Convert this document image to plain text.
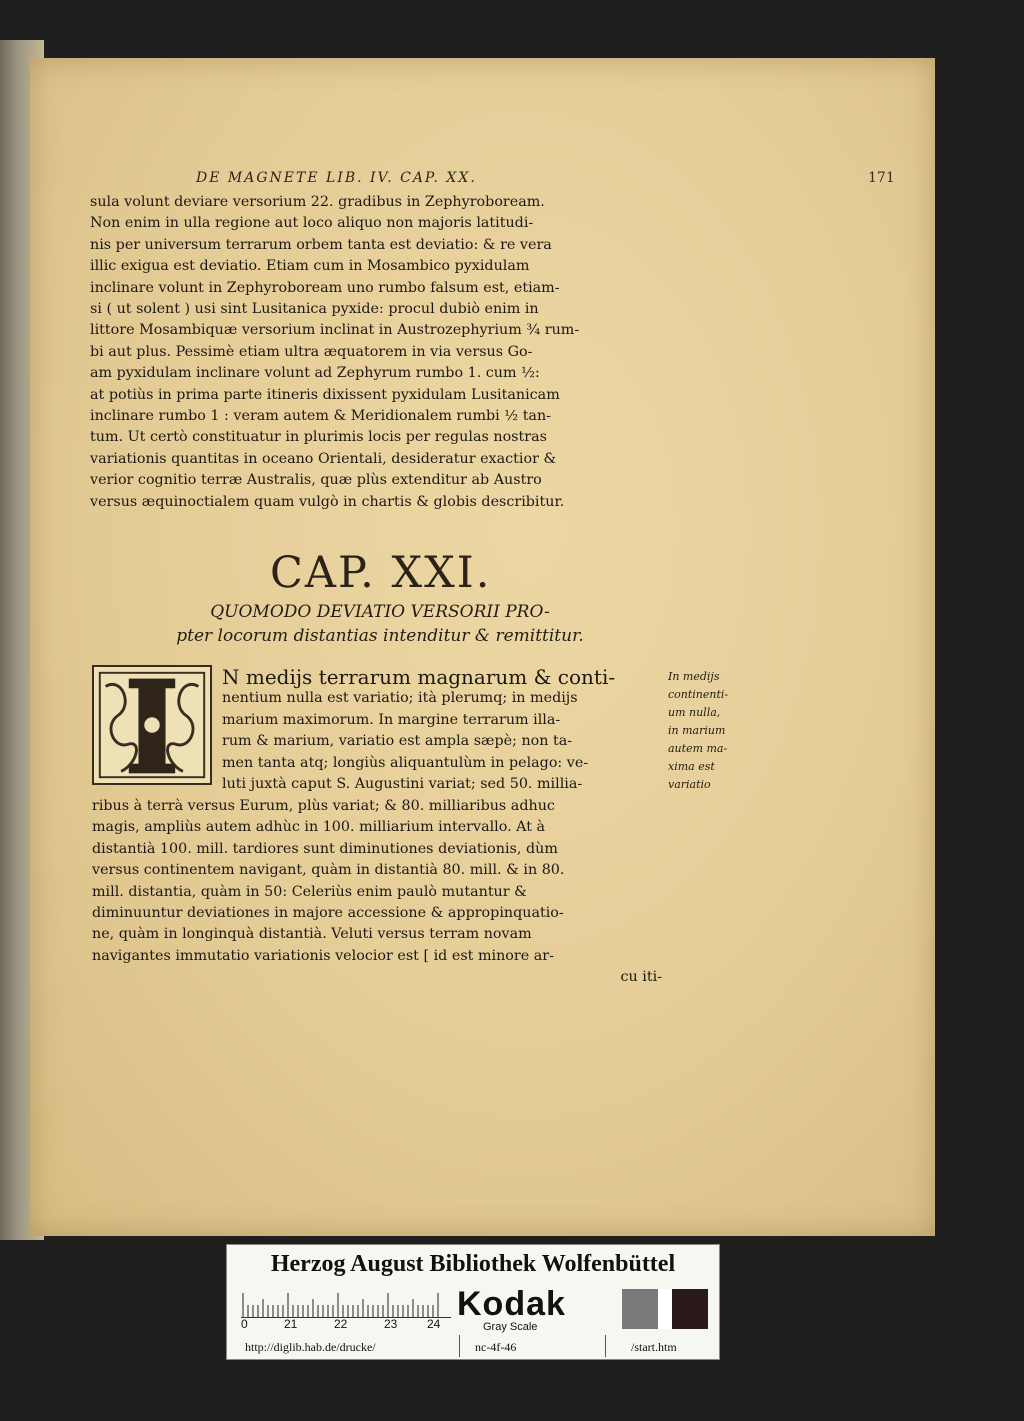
DE MAGNETE LIB. IV. CAP. XX.	171
sula volunt deviare versorium 22. gradibus in Zephyroboream.
Non enim in ulla regione aut loco aliquo non majoris latitudi-
nis per universum terrarum orbem tanta est deviatio: & re vera
illic exigua est deviatio. Etiam cum in Mosambico pyxidulam
inclinare volunt in Zephyroboream uno rumbo falsum est, etiam-
si ( ut solent ) usi sint Lusitanica pyxide: procul dubiò enim in
littore Mosambiquæ versorium inclinat in Austrozephyrium ¾ rum-
bi aut plus. Pessimè etiam ultra æquatorem in via versus Go-
am pyxidulam inclinare volunt ad Zephyrum rumbo 1. cum ½:
at potiùs in prima parte itineris dixissent pyxidulam Lusitanicam
inclinare rumbo 1 : veram autem & Meridionalem rumbi ½ tan-
tum. Ut certò constituatur in plurimis locis per regulas nostras
variationis quantitas in oceano Orientali, desideratur exactior &
verior cognitio terræ Australis, quæ plùs extenditur ab Austro
versus æquinoctialem quam vulgò in chartis & globis describitur.
CAP. XXI.
QUOMODO DEVIATIO VERSORII PRO-
pter locorum distantias intenditur & remittitur.
N medijs terrarum magnarum & conti-
nentium nulla est variatio; ità plerumq; in medijs
marium maximorum. In margine terrarum illa-
rum & marium, variatio est ampla sæpè; non ta-
men tanta atq; longiùs aliquantulùm in pelago: ve-
luti juxtà caput S. Augustini variat; sed 50. millia-
In medijs
continenti-
um nulla,
in marium
autem ma-
xima est
variatio
ribus à terrà versus Eurum, plùs variat; & 80. milliaribus adhuc
magis, ampliùs autem adhùc in 100. milliarium intervallo. At à
distantià 100. mill. tardiores sunt diminutiones deviationis, dùm
versus continentem navigant, quàm in distantià 80. mill. & in 80.
mill. distantia, quàm in 50: Celeriùs enim paulò mutantur &
diminuuntur deviationes in majore accessione & appropinquatio-
ne, quàm in longinquà distantià. Veluti versus terram novam
navigantes immutatio variationis velocior est [ id est minore ar-
cu iti-
Herzog August Bibliothek Wolfenbüttel
0	21	22	23 24
Kodak
Gray Scale
http://diglib.hab.de/drucke/	nc-4f-46	/start.htm
